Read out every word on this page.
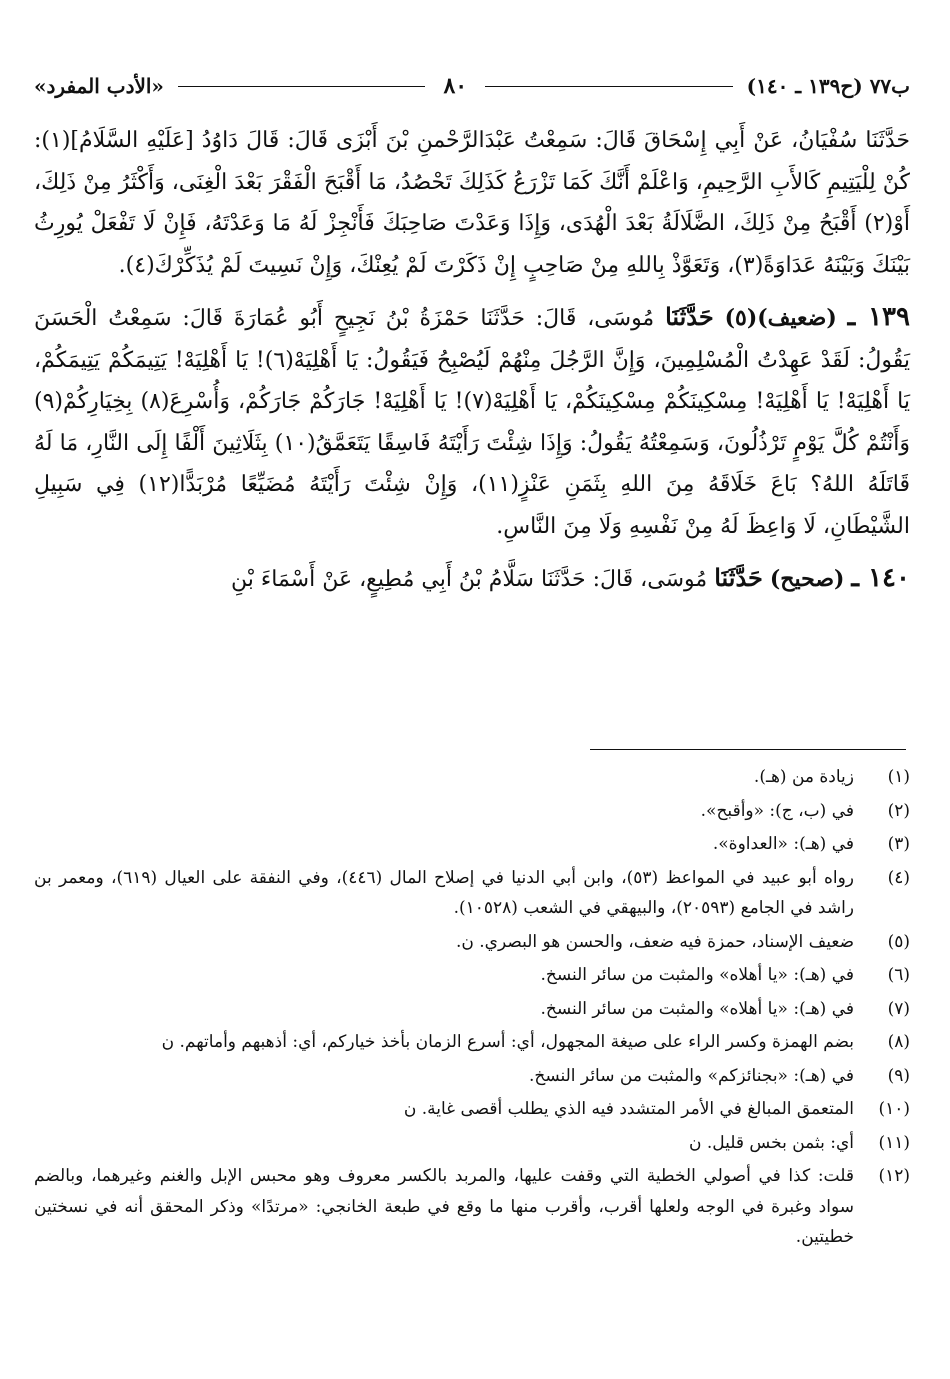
ب٧٧ (ح١٣٩ ـ ١٤٠)
٨٠
«الأدب المفرد»

حَدَّثَنَا سُفْيَانُ، عَنْ أَبِي إِسْحَاقَ قَالَ: سَمِعْتُ عَبْدَالرَّحْمنِ بْنَ أَبْزَى قَالَ: قَالَ دَاوُدُ [عَلَيْهِ السَّلَامُ](١): كُنْ لِلْيَتِيمِ كَالأَبِ الرَّحِيمِ، وَاعْلَمْ أَنَّكَ كَمَا تَزْرَعُ كَذَلِكَ تَحْصُدُ، مَا أَقْبَحَ الْفَقْرَ بَعْدَ الْغِنَى، وَأَكْثَرُ مِنْ ذَلِكَ، أَوْ(٢) أَقْبَحُ مِنْ ذَلِكَ، الضَّلَالَةُ بَعْدَ الْهُدَى، وَإِذَا وَعَدْتَ صَاحِبَكَ فَأَنْجِزْ لَهُ مَا وَعَدْتَهُ، فَإِنْ لَا تَفْعَلْ يُورِثُ بَيْنَكَ وَبَيْنَهُ عَدَاوَةً(٣)، وَتَعَوَّذْ بِاللهِ مِنْ صَاحِبٍ إِنْ ذَكَرْتَ لَمْ يُعِنْكَ، وَإِنْ نَسِيتَ لَمْ يُذَكِّرْكَ(٤).

١٣٩ ـ (ضعيف)(٥) حَدَّثَنَا مُوسَى، قَالَ: حَدَّثَنَا حَمْزَةُ بْنُ نَجِيحٍ أَبُو عُمَارَةَ قَالَ: سَمِعْتُ الْحَسَنَ يَقُولُ: لَقَدْ عَهِدْتُ الْمُسْلِمِينَ، وَإِنَّ الرَّجُلَ مِنْهُمْ لَيُصْبِحُ فَيَقُولُ: يَا أَهْلِيَهْ(٦)! يَا أَهْلِيَهْ! يَتِيمَكُمْ يَتِيمَكُمْ، يَا أَهْلِيَهْ! يَا أَهْلِيَهْ! مِسْكِينَكُمْ مِسْكِينَكُمْ، يَا أَهْلِيَهْ(٧)! يَا أَهْلِيَهْ! جَارَكُمْ جَارَكُمْ، وَأُسْرِعَ(٨) بِخِيَارِكُمْ(٩) وَأَنْتُمْ كُلَّ يَوْمٍ تَرْذُلُونَ، وَسَمِعْتُهُ يَقُولُ: وَإِذَا شِئْتَ رَأَيْتَهُ فَاسِقًا يَتَعَمَّقُ(١٠) بِثَلَاثِينَ أَلْفًا إِلَى النَّارِ، مَا لَهُ قَاتَلَهُ اللهُ؟ بَاعَ خَلَاقَهُ مِنَ اللهِ بِثَمَنِ عَنْزٍ(١١)، وَإِنْ شِئْتَ رَأَيْتَهُ مُضَيِّعًا مُرْبَدًّا(١٢) فِي سَبِيلِ الشَّيْطَانِ، لَا وَاعِظَ لَهُ مِنْ نَفْسِهِ وَلَا مِنَ النَّاسِ.

١٤٠ ـ (صحيح) حَدَّثَنَا مُوسَى، قَالَ: حَدَّثَنَا سَلَّامُ بْنُ أَبِي مُطِيعٍ، عَنْ أَسْمَاءَ بْنِ

(١)
زيادة من (هـ).
(٢)
في (ب، ج): «وأقبح».
(٣)
في (هـ): «العداوة».
(٤)
رواه أبو عبيد في المواعظ (٥٣)، وابن أبي الدنيا في إصلاح المال (٤٤٦)، وفي النفقة على العيال (٦١٩)، ومعمر بن راشد في الجامع (٢٠٥٩٣)، والبيهقي في الشعب (١٠٥٢٨).
(٥)
ضعيف الإسناد، حمزة فيه ضعف، والحسن هو البصري. ن.
(٦)
في (هـ): «يا أهلاه» والمثبت من سائر النسخ.
(٧)
في (هـ): «يا أهلاه» والمثبت من سائر النسخ.
(٨)
بضم الهمزة وكسر الراء على صيغة المجهول، أي: أسرع الزمان بأخذ خياركم، أي: أذهبهم وأماتهم. ن
(٩)
في (هـ): «بجنائزكم» والمثبت من سائر النسخ.
(١٠)
المتعمق المبالغ في الأمر المتشدد فيه الذي يطلب أقصى غاية. ن
(١١)
أي: بثمن بخس قليل. ن
(١٢)
قلت: كذا في أصولي الخطية التي وقفت عليها، والمربد بالكسر معروف وهو محبس الإبل والغنم وغيرهما، وبالضم سواد وغبرة في الوجه ولعلها أقرب، وأقرب منها ما وقع في طبعة الخانجي: «مرتدًا» وذكر المحقق أنه في نسختين خطيتين.
